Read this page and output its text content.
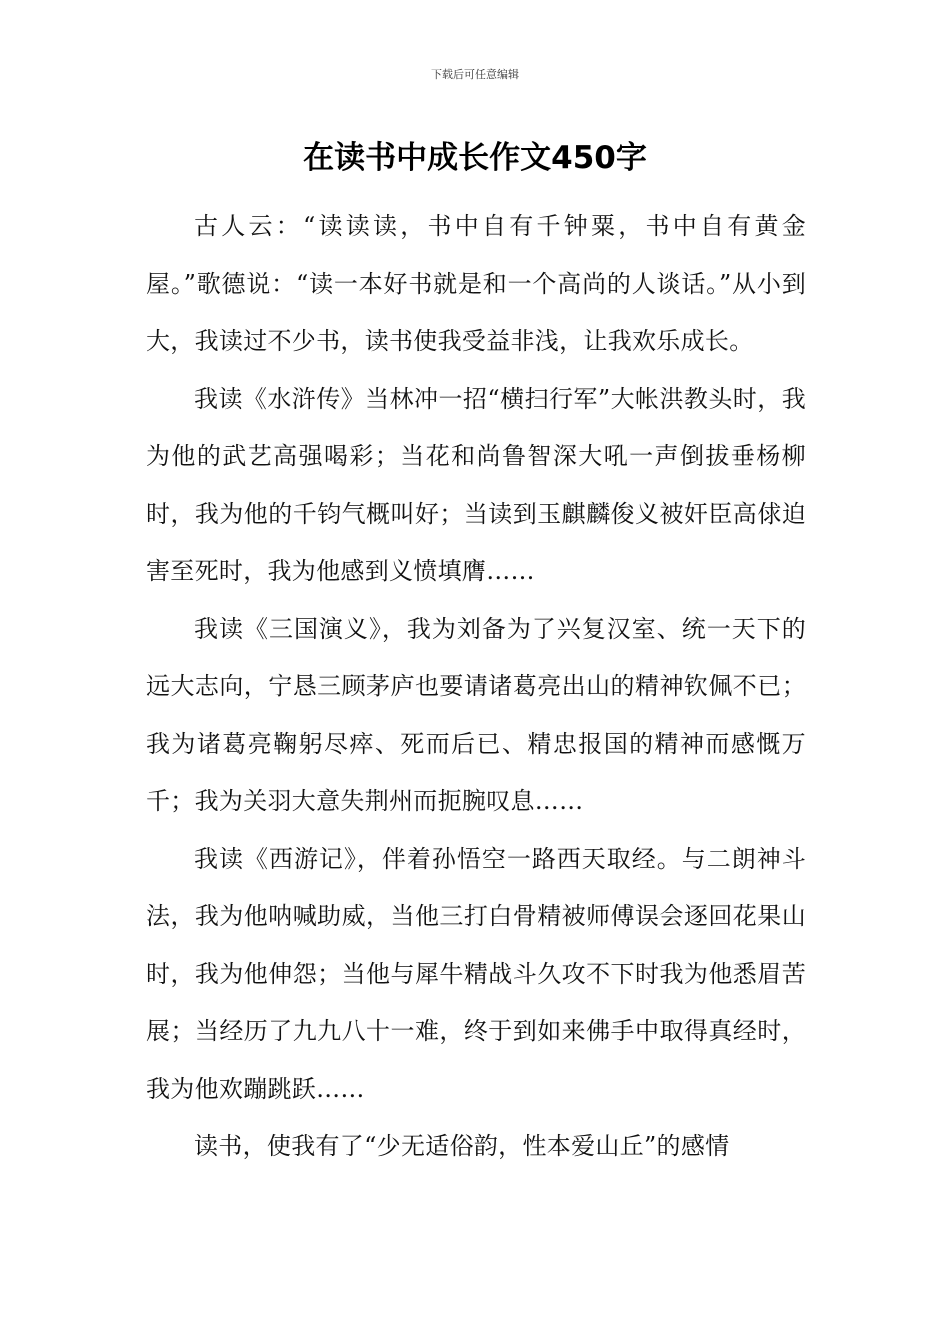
下载后可任意编辑
在读书中成长作文450字

古人云：“读读读，书中自有千钟粟，书中自有黄金屋。”歌德说：“读一本好书就是和一个高尚的人谈话。”从小到大，我读过不少书，读书使我受益非浅，让我欢乐成长。

我读《水浒传》当林冲一招“横扫行军”大帐洪教头时，我为他的武艺高强喝彩；当花和尚鲁智深大吼一声倒拔垂杨柳时，我为他的千钧气概叫好；当读到玉麒麟俊义被奸臣高俅迫害至死时，我为他感到义愤填膺……

我读《三国演义》，我为刘备为了兴复汉室、统一天下的远大志向，宁恳三顾茅庐也要请诸葛亮出山的精神钦佩不已；我为诸葛亮鞠躬尽瘁、死而后已、精忠报国的精神而感慨万千；我为关羽大意失荆州而扼腕叹息……

我读《西游记》，伴着孙悟空一路西天取经。与二朗神斗法，我为他呐喊助威，当他三打白骨精被师傅误会逐回花果山时，我为他伸怨；当他与犀牛精战斗久攻不下时我为他悉眉苦展；当经历了九九八十一难，终于到如来佛手中取得真经时，我为他欢蹦跳跃……

读书，使我有了“少无适俗韵，性本爱山丘”的感情
